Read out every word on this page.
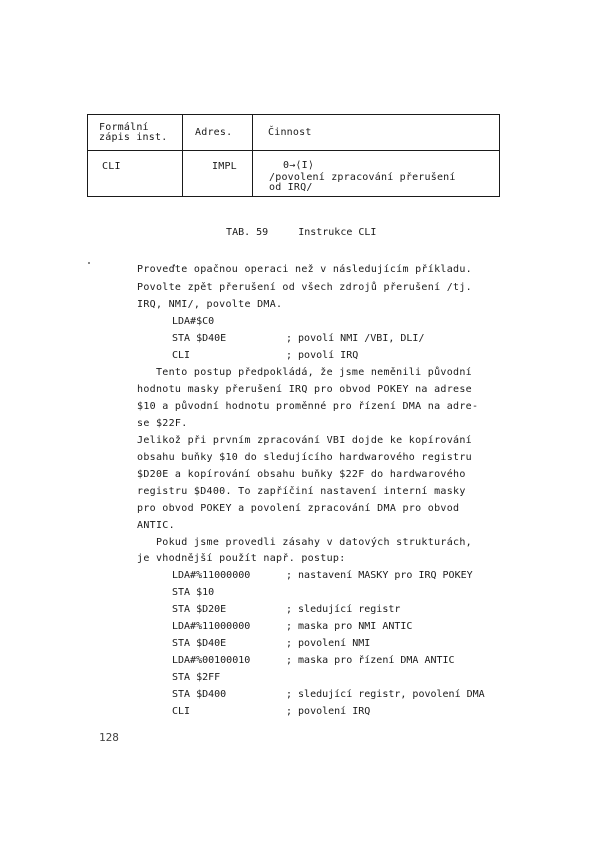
Formální
zápis inst.	Adres.	Činnost
CLI	IMPL	0→⟨I⟩
/povolení zpracování přerušení
od IRQ/

TAB. 59	Instrukce CLI

Proveďte opačnou operaci než v následujícím příkladu.
Povolte zpět přerušení od všech zdrojů přerušení /tj.
IRQ, NMI/, povolte DMA.
LDA#$C0
STA $D40E	; povolí NMI /VBI, DLI/
CLI	; povolí IRQ
Tento postup předpokládá, že jsme neměnili původní
hodnotu masky přerušení IRQ pro obvod POKEY na adrese
$10 a původní hodnotu proměnné pro řízení DMA na adre-
se $22F.
Jelikož při prvním zpracování VBI dojde ke kopírování
obsahu buňky $10 do sledujícího hardwarového registru
$D20E a kopírování obsahu buňky $22F do hardwarového
registru $D400. To zapříčiní nastavení interní masky
pro obvod POKEY a povolení zpracování DMA pro obvod
ANTIC.
Pokud jsme provedli zásahy v datových strukturách,
je vhodnější použít např. postup:
LDA#%11000000	; nastavení MASKY pro IRQ POKEY
STA $10
STA $D20E	; sledující registr
LDA#%11000000	; maska pro NMI ANTIC
STA $D40E	; povolení NMI
LDA#%00100010	; maska pro řízení DMA ANTIC
STA $2FF
STA $D400	; sledující registr, povolení DMA
CLI	; povolení IRQ
128
